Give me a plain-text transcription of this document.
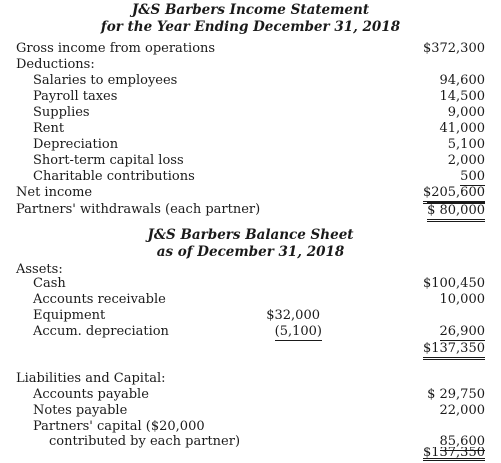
J&S Barbers Income Statement
for the Year Ending December 31, 2018
Gross income from operations	$372,300
Deductions:
Salaries to employees	94,600
Payroll taxes	14,500
Supplies	9,000
Rent	41,000
Depreciation	5,100
Short-term capital loss	2,000
Charitable contributions	500
Net income	$205,600
Partners' withdrawals (each partner)	$ 80,000
J&S Barbers Balance Sheet
as of December 31, 2018
Assets:
Cash	$100,450
Accounts receivable	10,000
Equipment	$32,000
Accum. depreciation	(5,100)	26,900
$137,350
Liabilities and Capital:
Accounts payable	$ 29,750
Notes payable	22,000
Partners' capital ($20,000
contributed by each partner)	85,600
$137,350
